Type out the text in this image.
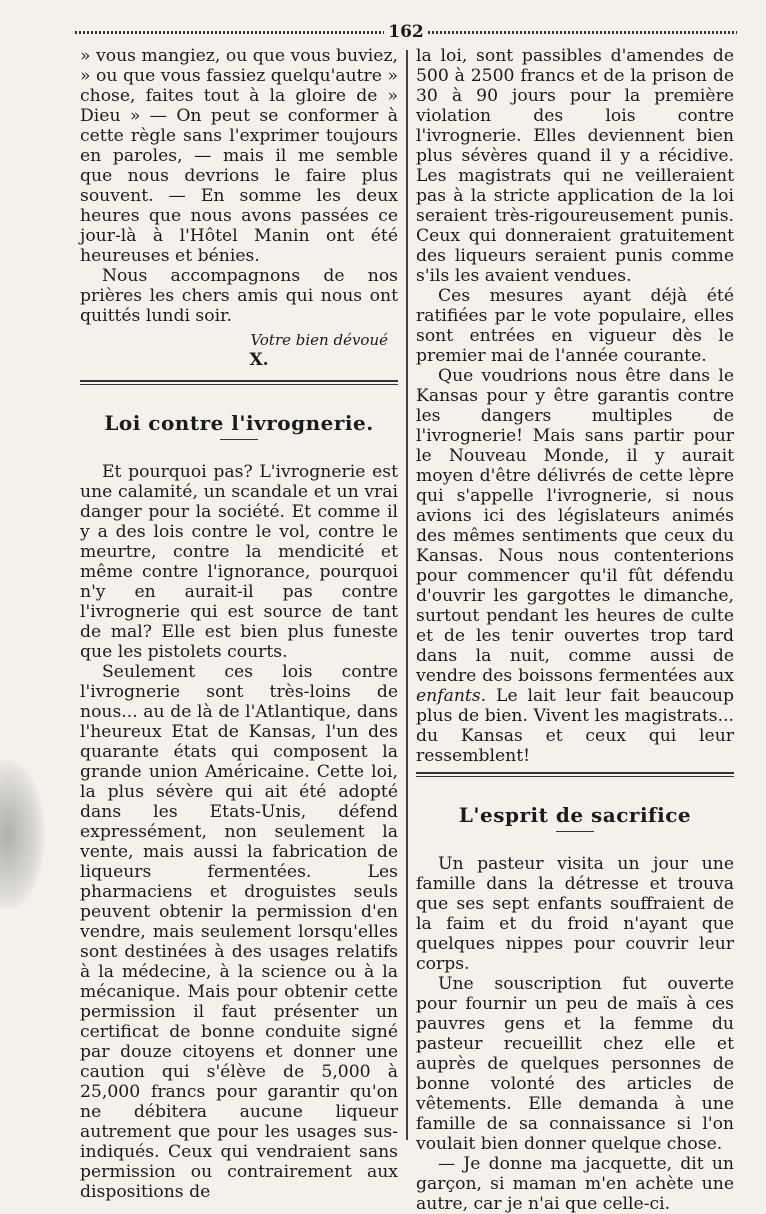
162

» vous mangiez, ou que vous buviez, » ou que vous fassiez quelqu'autre » chose, faites tout à la gloire de » Dieu » — On peut se conformer à cette règle sans l'exprimer toujours en paroles, — mais il me semble que nous devrions le faire plus souvent. — En somme les deux heures que nous avons passées ce jour-là à l'Hôtel Manin ont été heureuses et bénies.

Nous accompagnons de nos prières les chers amis qui nous ont quittés lundi soir.

Votre bien dévoué
X.
Loi contre l'ivrognerie.

Et pourquoi pas? L'ivrognerie est une calamité, un scandale et un vrai danger pour la société. Et comme il y a des lois contre le vol, contre le meurtre, contre la mendicité et même contre l'ignorance, pourquoi n'y en aurait-il pas contre l'ivrognerie qui est source de tant de mal? Elle est bien plus funeste que les pistolets courts.

Seulement ces lois contre l'ivrognerie sont très-loins de nous... au de là de l'Atlantique, dans l'heureux Etat de Kansas, l'un des quarante états qui composent la grande union Américaine. Cette loi, la plus sévère qui ait été adopté dans les Etats-Unis, défend expressément, non seulement la vente, mais aussi la fabrication de liqueurs fermentées. Les pharmaciens et droguistes seuls peuvent obtenir la permission d'en vendre, mais seulement lorsqu'elles sont destinées à des usages relatifs à la médecine, à la science ou à la mécanique. Mais pour obtenir cette permission il faut présenter un certificat de bonne conduite signé par douze citoyens et donner une caution qui s'élève de 5,000 à 25,000 francs pour garantir qu'on ne débitera aucune liqueur autrement que pour les usages sus-indiqués. Ceux qui vendraient sans permission ou contrairement aux dispositions de

la loi, sont passibles d'amendes de 500 à 2500 francs et de la prison de 30 à 90 jours pour la première violation des lois contre l'ivrognerie. Elles deviennent bien plus sévères quand il y a récidive. Les magistrats qui ne veilleraient pas à la stricte application de la loi seraient très-rigoureusement punis. Ceux qui donneraient gratuitement des liqueurs seraient punis comme s'ils les avaient vendues.

Ces mesures ayant déjà été ratifiées par le vote populaire, elles sont entrées en vigueur dès le premier mai de l'année courante.

Que voudrions nous être dans le Kansas pour y être garantis contre les dangers multiples de l'ivrognerie! Mais sans partir pour le Nouveau Monde, il y aurait moyen d'être délivrés de cette lèpre qui s'appelle l'ivrognerie, si nous avions ici des législateurs animés des mêmes sentiments que ceux du Kansas. Nous nous contenterions pour commencer qu'il fût défendu d'ouvrir les gargottes le dimanche, surtout pendant les heures de culte et de les tenir ouvertes trop tard dans la nuit, comme aussi de vendre des boissons fermentées aux enfants. Le lait leur fait beaucoup plus de bien. Vivent les magistrats... du Kansas et ceux qui leur ressemblent!

L'esprit de sacrifice

Un pasteur visita un jour une famille dans la détresse et trouva que ses sept enfants souffraient de la faim et du froid n'ayant que quelques nippes pour couvrir leur corps.

Une souscription fut ouverte pour fournir un peu de maïs à ces pauvres gens et la femme du pasteur recueillit chez elle et auprès de quelques personnes de bonne volonté des articles de vêtements. Elle demanda à une famille de sa connaissance si l'on voulait bien donner quelque chose.

— Je donne ma jacquette, dit un garçon, si maman m'en achète une autre, car je n'ai que celle-ci.
